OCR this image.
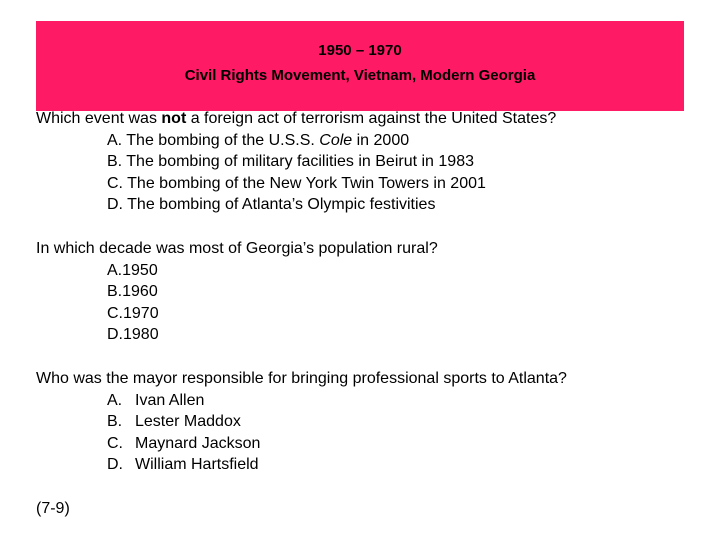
1950 – 1970
Civil Rights Movement, Vietnam, Modern Georgia
Which event was not a foreign act of terrorism against the United States?
A. The bombing of the U.S.S. Cole in 2000
B. The bombing of military facilities in Beirut in 1983
C. The bombing of the New York Twin Towers in 2001
D. The bombing of Atlanta’s Olympic festivities
In which decade was most of Georgia’s population rural?
A.1950
B.1960
C.1970
D.1980
Who was the mayor responsible for bringing professional sports to Atlanta?
A. Ivan Allen
B. Lester Maddox
C. Maynard Jackson
D. William Hartsfield
(7-9)
